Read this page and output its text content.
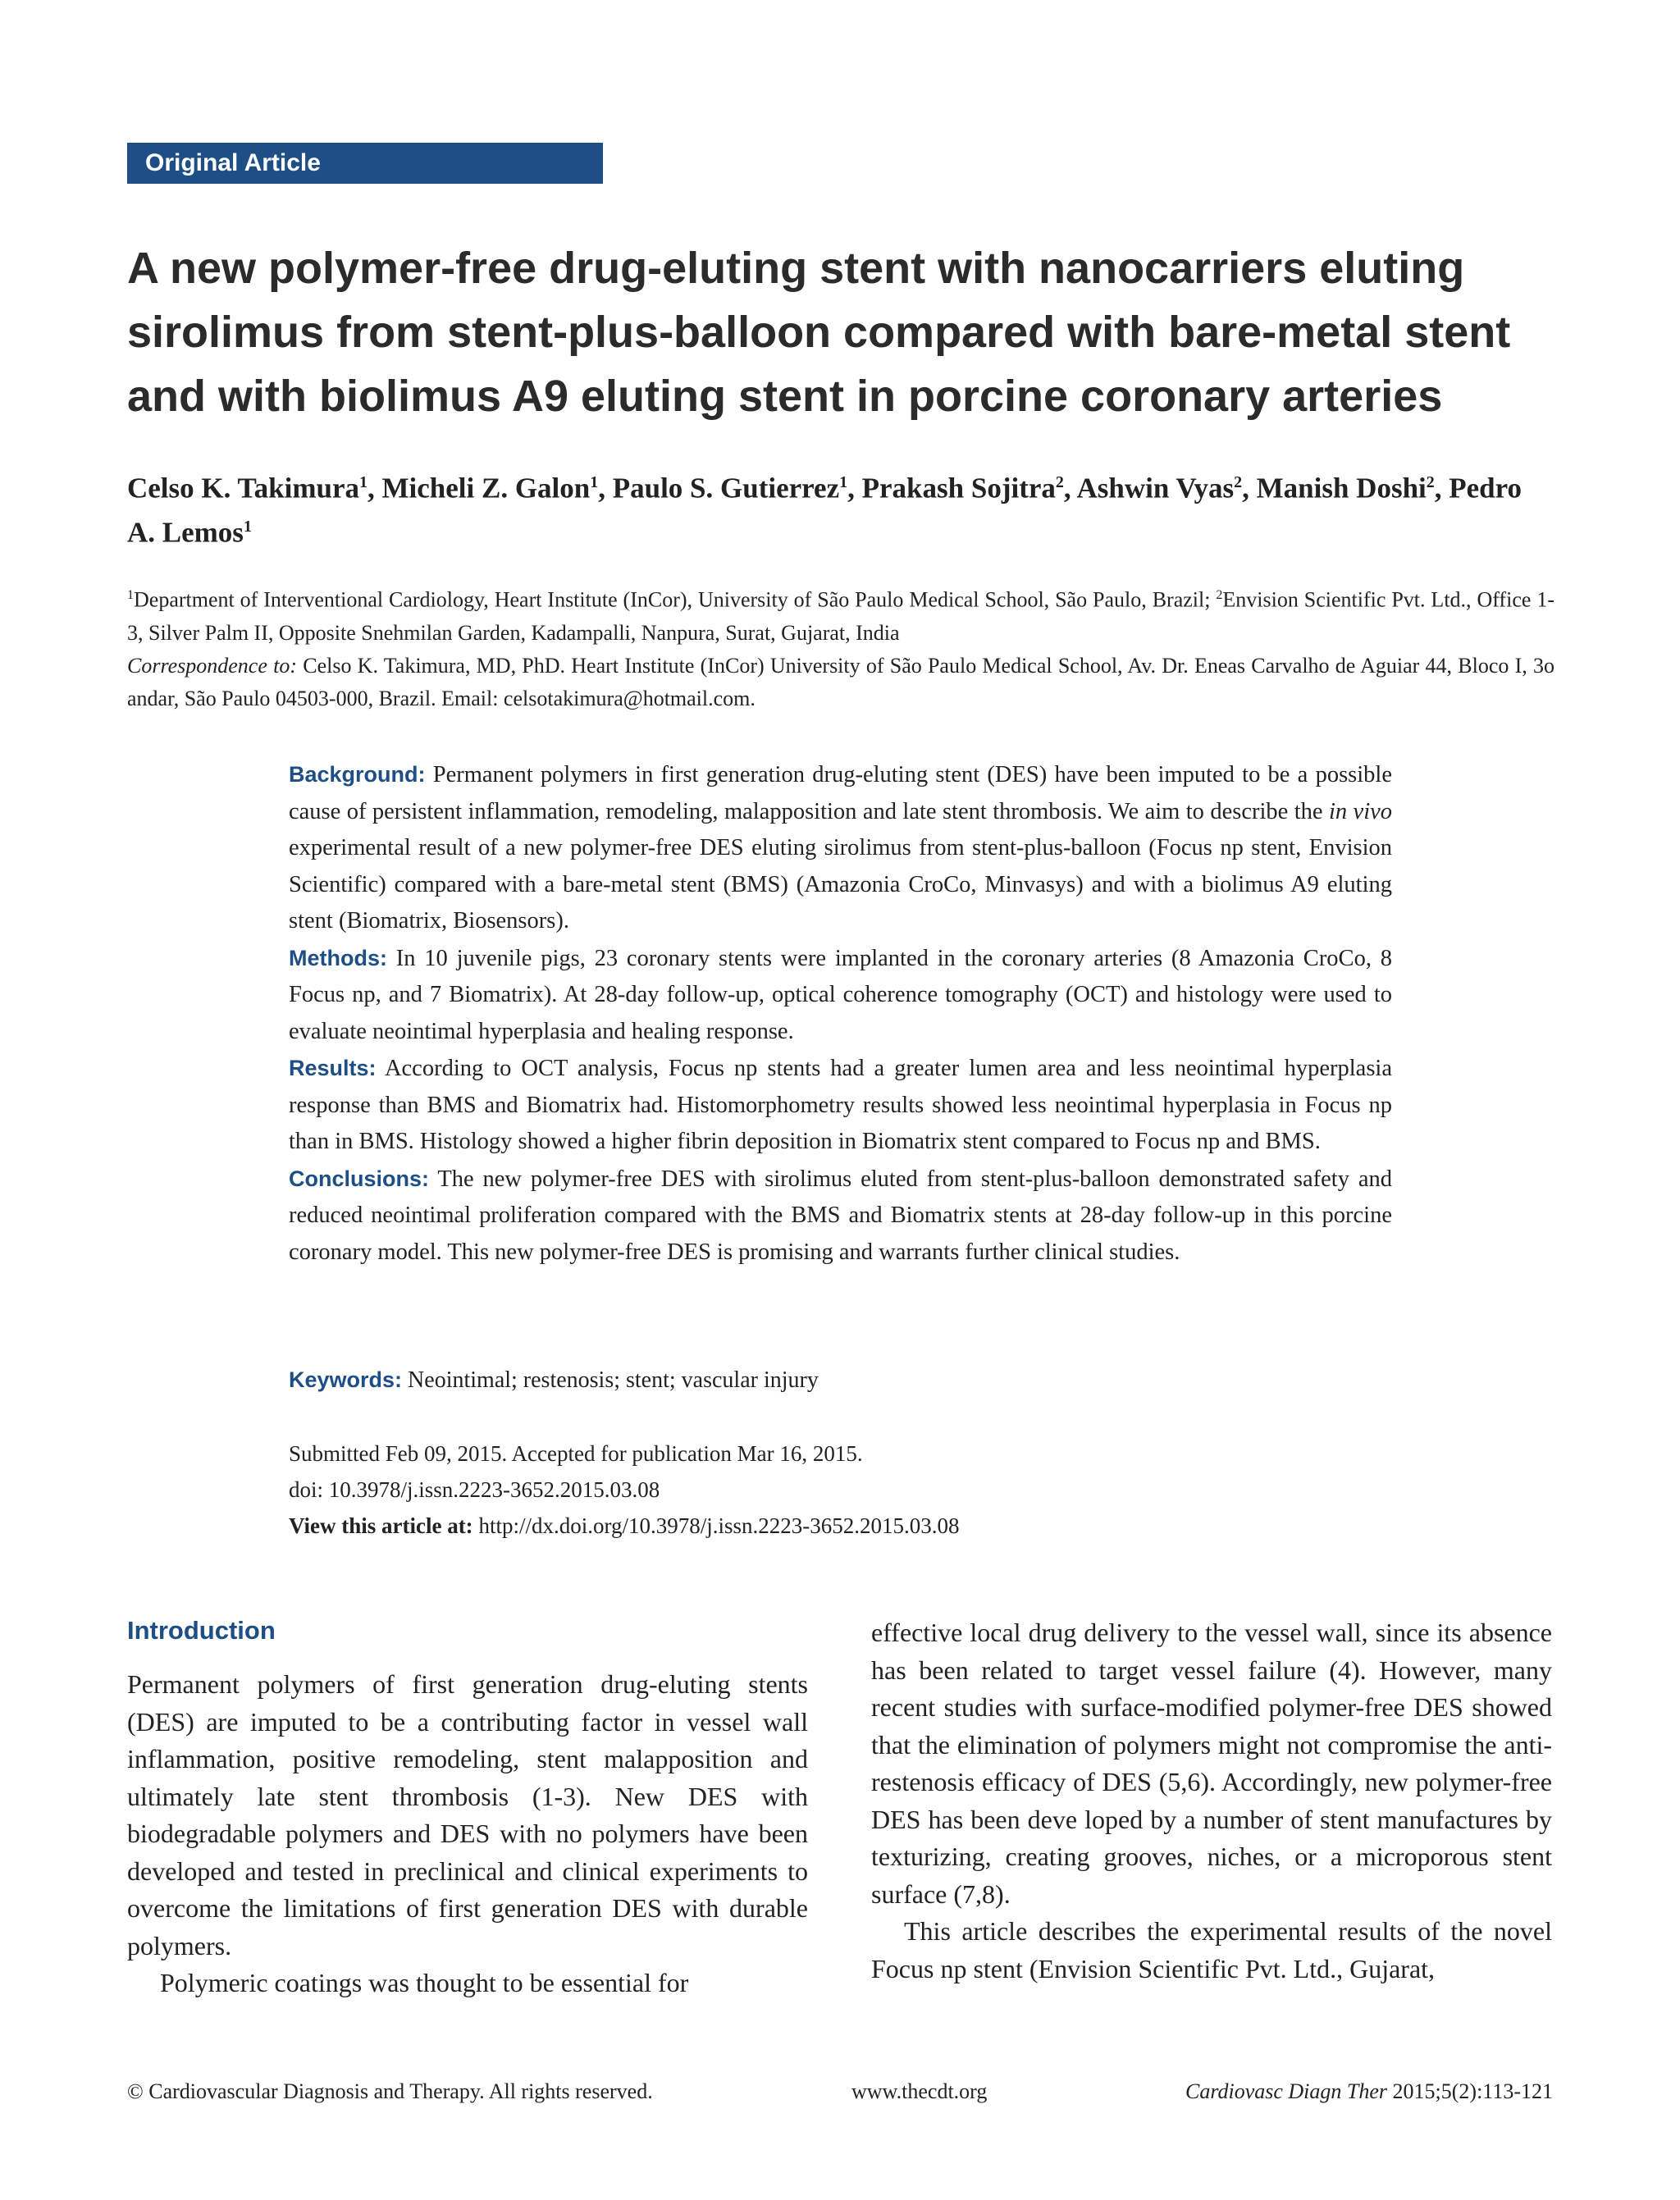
Original Article
A new polymer-free drug-eluting stent with nanocarriers eluting
sirolimus from stent-plus-balloon compared with bare-metal stent
and with biolimus A9 eluting stent in porcine coronary arteries

Celso K. Takimura$^1$, Micheli Z. Galon$^1$, Paulo S. Gutierrez$^1$, Prakash Sojitra$^2$, Ashwin Vyas$^2$, Manish Doshi$^2$, Pedro A. Lemos$^1$

$^1$Department of Interventional Cardiology, Heart Institute (InCor), University of São Paulo Medical School, São Paulo, Brazil; $^2$Envision Scientific Pvt. Ltd., Office 1-3, Silver Palm II, Opposite Snehmilan Garden, Kadampalli, Nanpura, Surat, Gujarat, India
Correspondence to: Celso K. Takimura, MD, PhD. Heart Institute (InCor) University of São Paulo Medical School, Av. Dr. Eneas Carvalho de Aguiar 44, Bloco I, 3o andar, São Paulo 04503-000, Brazil. Email: celsotakimura@hotmail.com.

Background: Permanent polymers in first generation drug-eluting stent (DES) have been imputed to be a possible cause of persistent inflammation, remodeling, malapposition and late stent thrombosis. We aim to describe the in vivo experimental result of a new polymer-free DES eluting sirolimus from stent-plus-balloon (Focus np stent, Envision Scientific) compared with a bare-metal stent (BMS) (Amazonia CroCo, Minvasys) and with a biolimus A9 eluting stent (Biomatrix, Biosensors).

Methods: In 10 juvenile pigs, 23 coronary stents were implanted in the coronary arteries (8 Amazonia CroCo, 8 Focus np, and 7 Biomatrix). At 28-day follow-up, optical coherence tomography (OCT) and histology were used to evaluate neointimal hyperplasia and healing response.

Results: According to OCT analysis, Focus np stents had a greater lumen area and less neointimal hyperplasia response than BMS and Biomatrix had. Histomorphometry results showed less neointimal hyperplasia in Focus np than in BMS. Histology showed a higher fibrin deposition in Biomatrix stent compared to Focus np and BMS.

Conclusions: The new polymer-free DES with sirolimus eluted from stent-plus-balloon demonstrated safety and reduced neointimal proliferation compared with the BMS and Biomatrix stents at 28-day follow-up in this porcine coronary model. This new polymer-free DES is promising and warrants further clinical studies.

Keywords: Neointimal; restenosis; stent; vascular injury
Submitted Feb 09, 2015. Accepted for publication Mar 16, 2015.
doi: 10.3978/j.issn.2223-3652.2015.03.08
View this article at: http://dx.doi.org/10.3978/j.issn.2223-3652.2015.03.08
Introduction

Permanent polymers of first generation drug-eluting stents (DES) are imputed to be a contributing factor in vessel wall inflammation, positive remodeling, stent malapposition and ultimately late stent thrombosis (1-3). New DES with biodegradable polymers and DES with no polymers have been developed and tested in preclinical and clinical experiments to overcome the limitations of first generation DES with durable polymers.

Polymeric coatings was thought to be essential for

effective local drug delivery to the vessel wall, since its absence has been related to target vessel failure (4). However, many recent studies with surface-modified polymer-free DES showed that the elimination of polymers might not compromise the anti-restenosis efficacy of DES (5,6). Accordingly, new polymer-free DES has been deve loped by a number of stent manufactures by texturizing, creating grooves, niches, or a microporous stent surface (7,8).

This article describes the experimental results of the novel Focus np stent (Envision Scientific Pvt. Ltd., Gujarat,

© Cardiovascular Diagnosis and Therapy. All rights reserved.	www.thecdt.org	Cardiovasc Diagn Ther 2015;5(2):113-121
